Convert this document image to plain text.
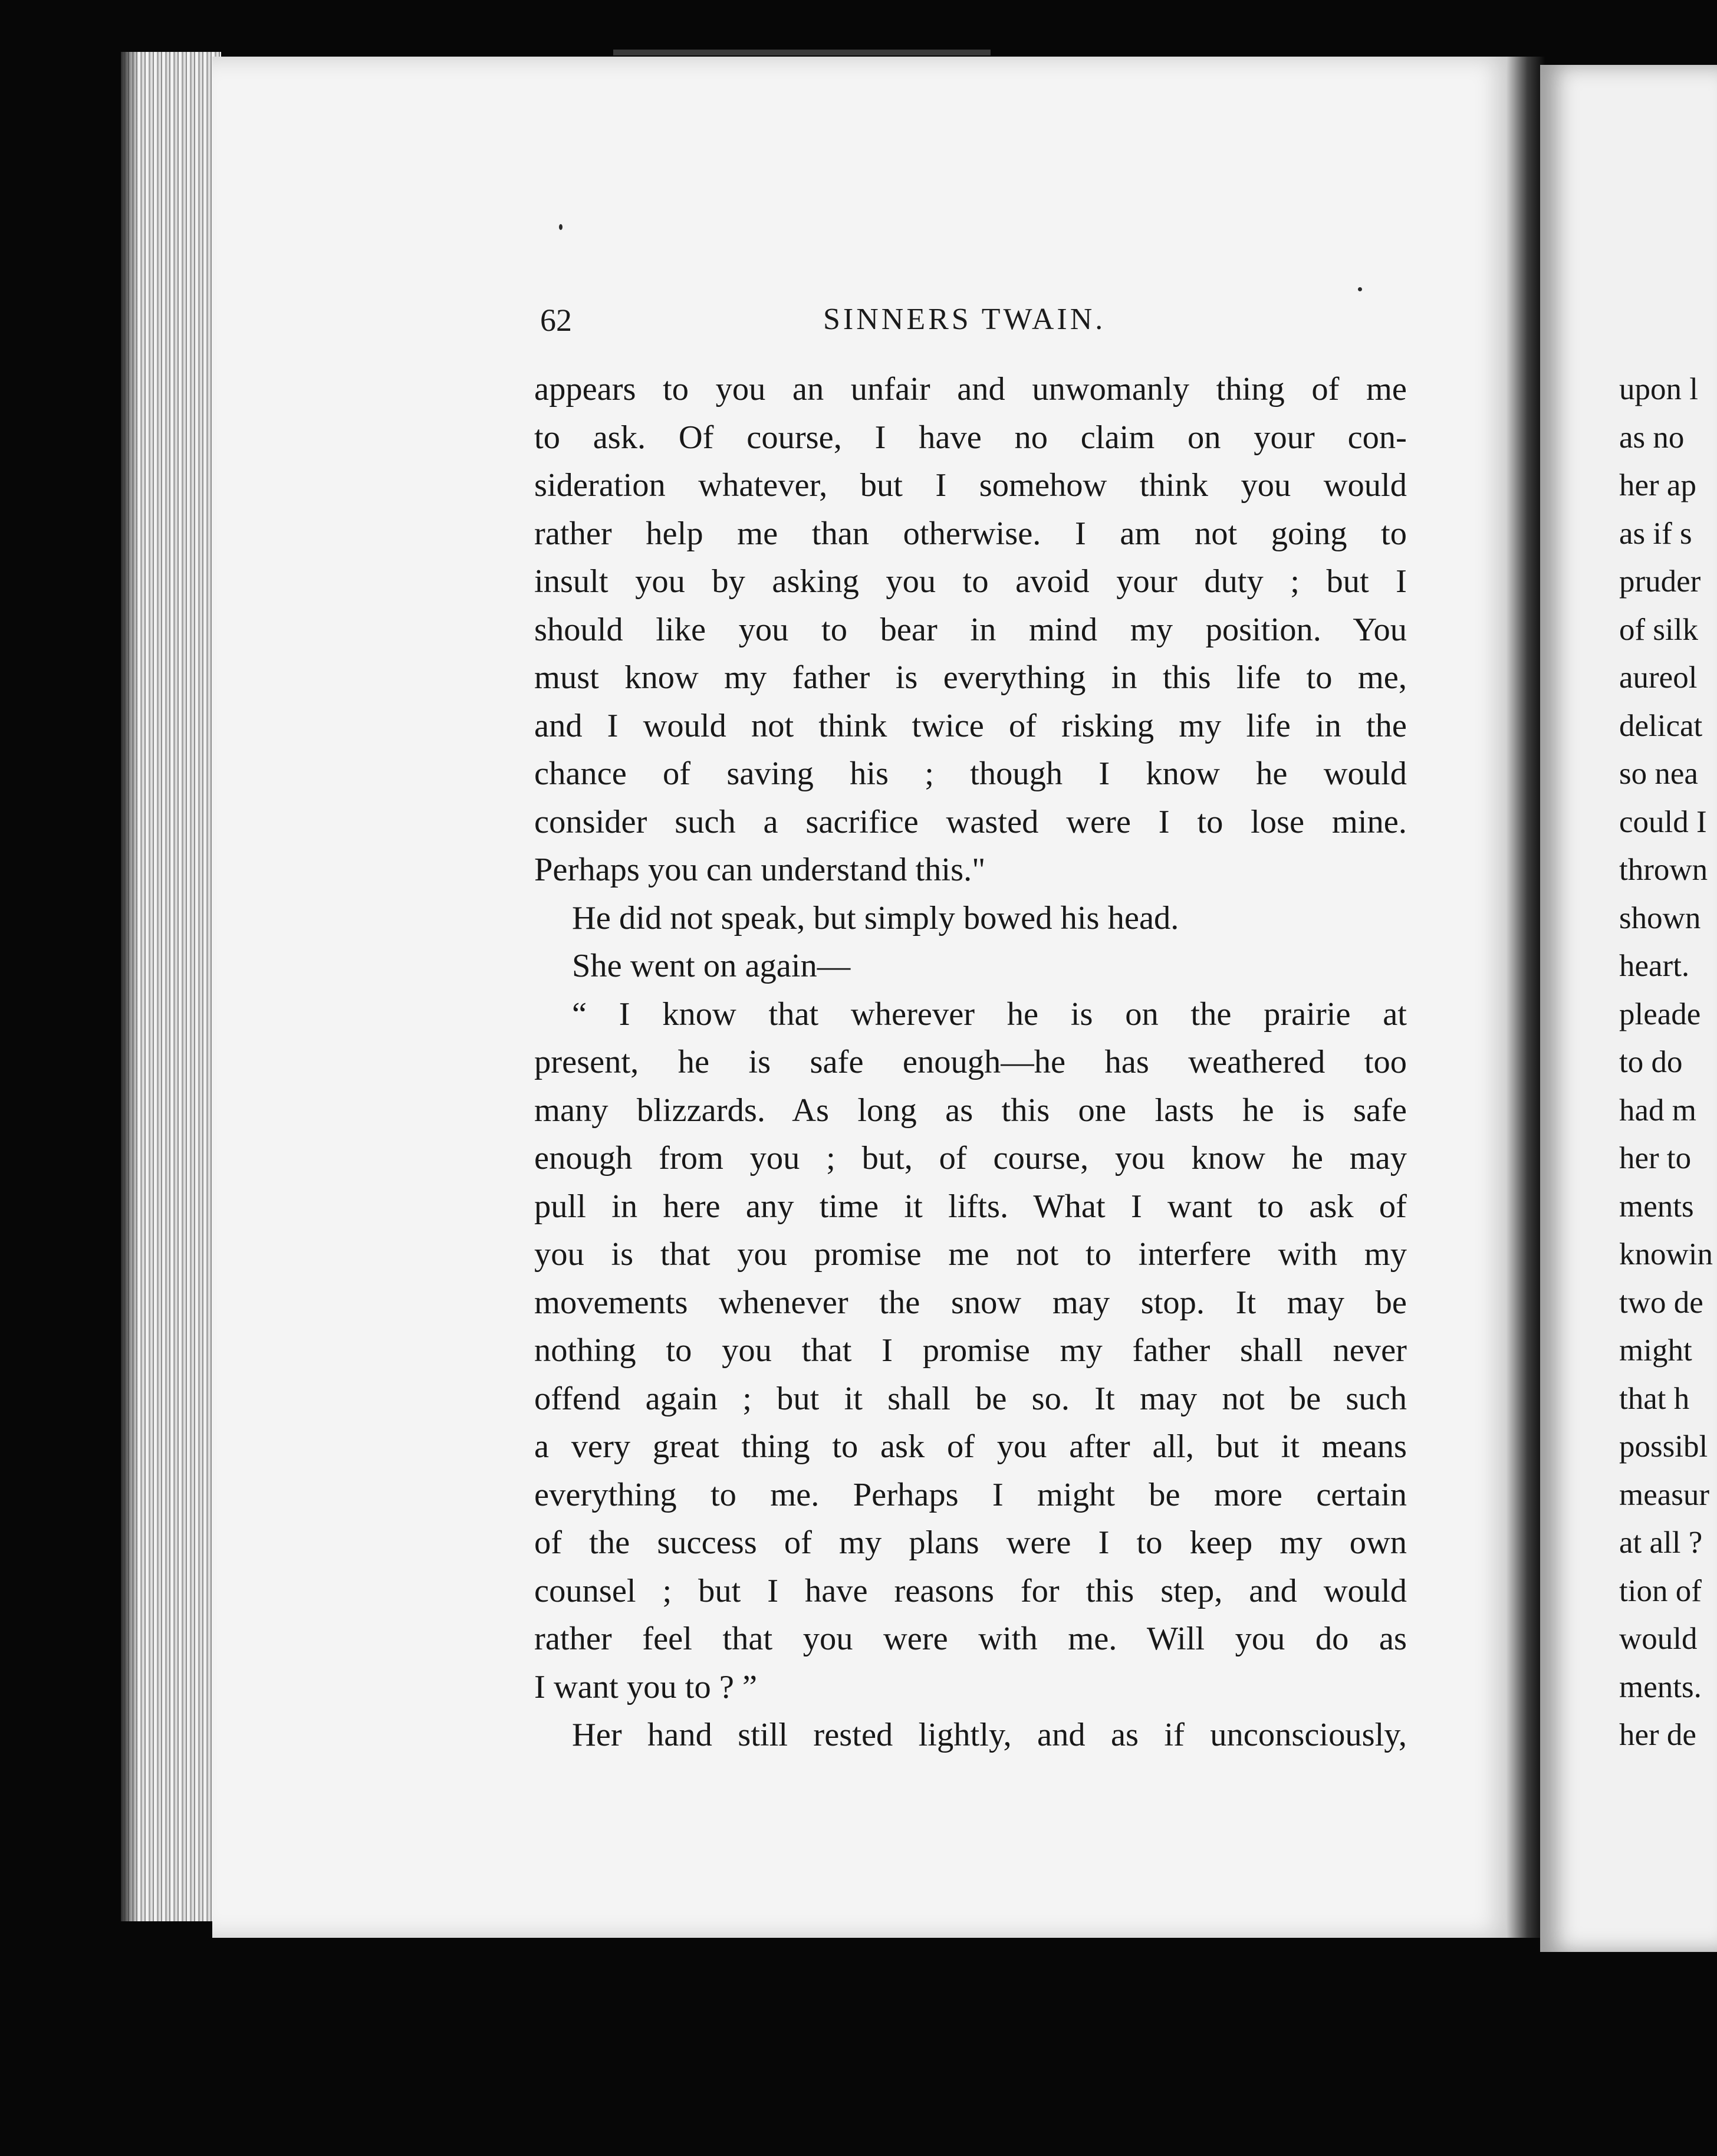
62	SINNERS TWAIN.
appears to you an unfair and unwomanly thing of me
to ask. Of course, I have no claim on your con-
sideration whatever, but I somehow think you would
rather help me than otherwise. I am not going to
insult you by asking you to avoid your duty ; but I
should like you to bear in mind my position. You
must know my father is everything in this life to me,
and I would not think twice of risking my life in the
chance of saving his ; though I know he would
consider such a sacrifice wasted were I to lose mine.
Perhaps you can understand this."
He did not speak, but simply bowed his head.
She went on again—
“ I know that wherever he is on the prairie at
present, he is safe enough—he has weathered too
many blizzards. As long as this one lasts he is safe
enough from you ; but, of course, you know he may
pull in here any time it lifts. What I want to ask of
you is that you promise me not to interfere with my
movements whenever the snow may stop. It may be
nothing to you that I promise my father shall never
offend again ; but it shall be so. It may not be such
a very great thing to ask of you after all, but it means
everything to me. Perhaps I might be more certain
of the success of my plans were I to keep my own
counsel ; but I have reasons for this step, and would
rather feel that you were with me. Will you do as
I want you to ? ”
Her hand still rested lightly, and as if unconsciously,
upon l
as no
her ap
as if s
pruder
of silk
aureol
delicat
so nea
could I
thrown
shown
heart.
pleade
to do
had m
her to
ments
knowin
two de
might
that h
possibl
measur
at all ?
tion of
would
ments.
her de
